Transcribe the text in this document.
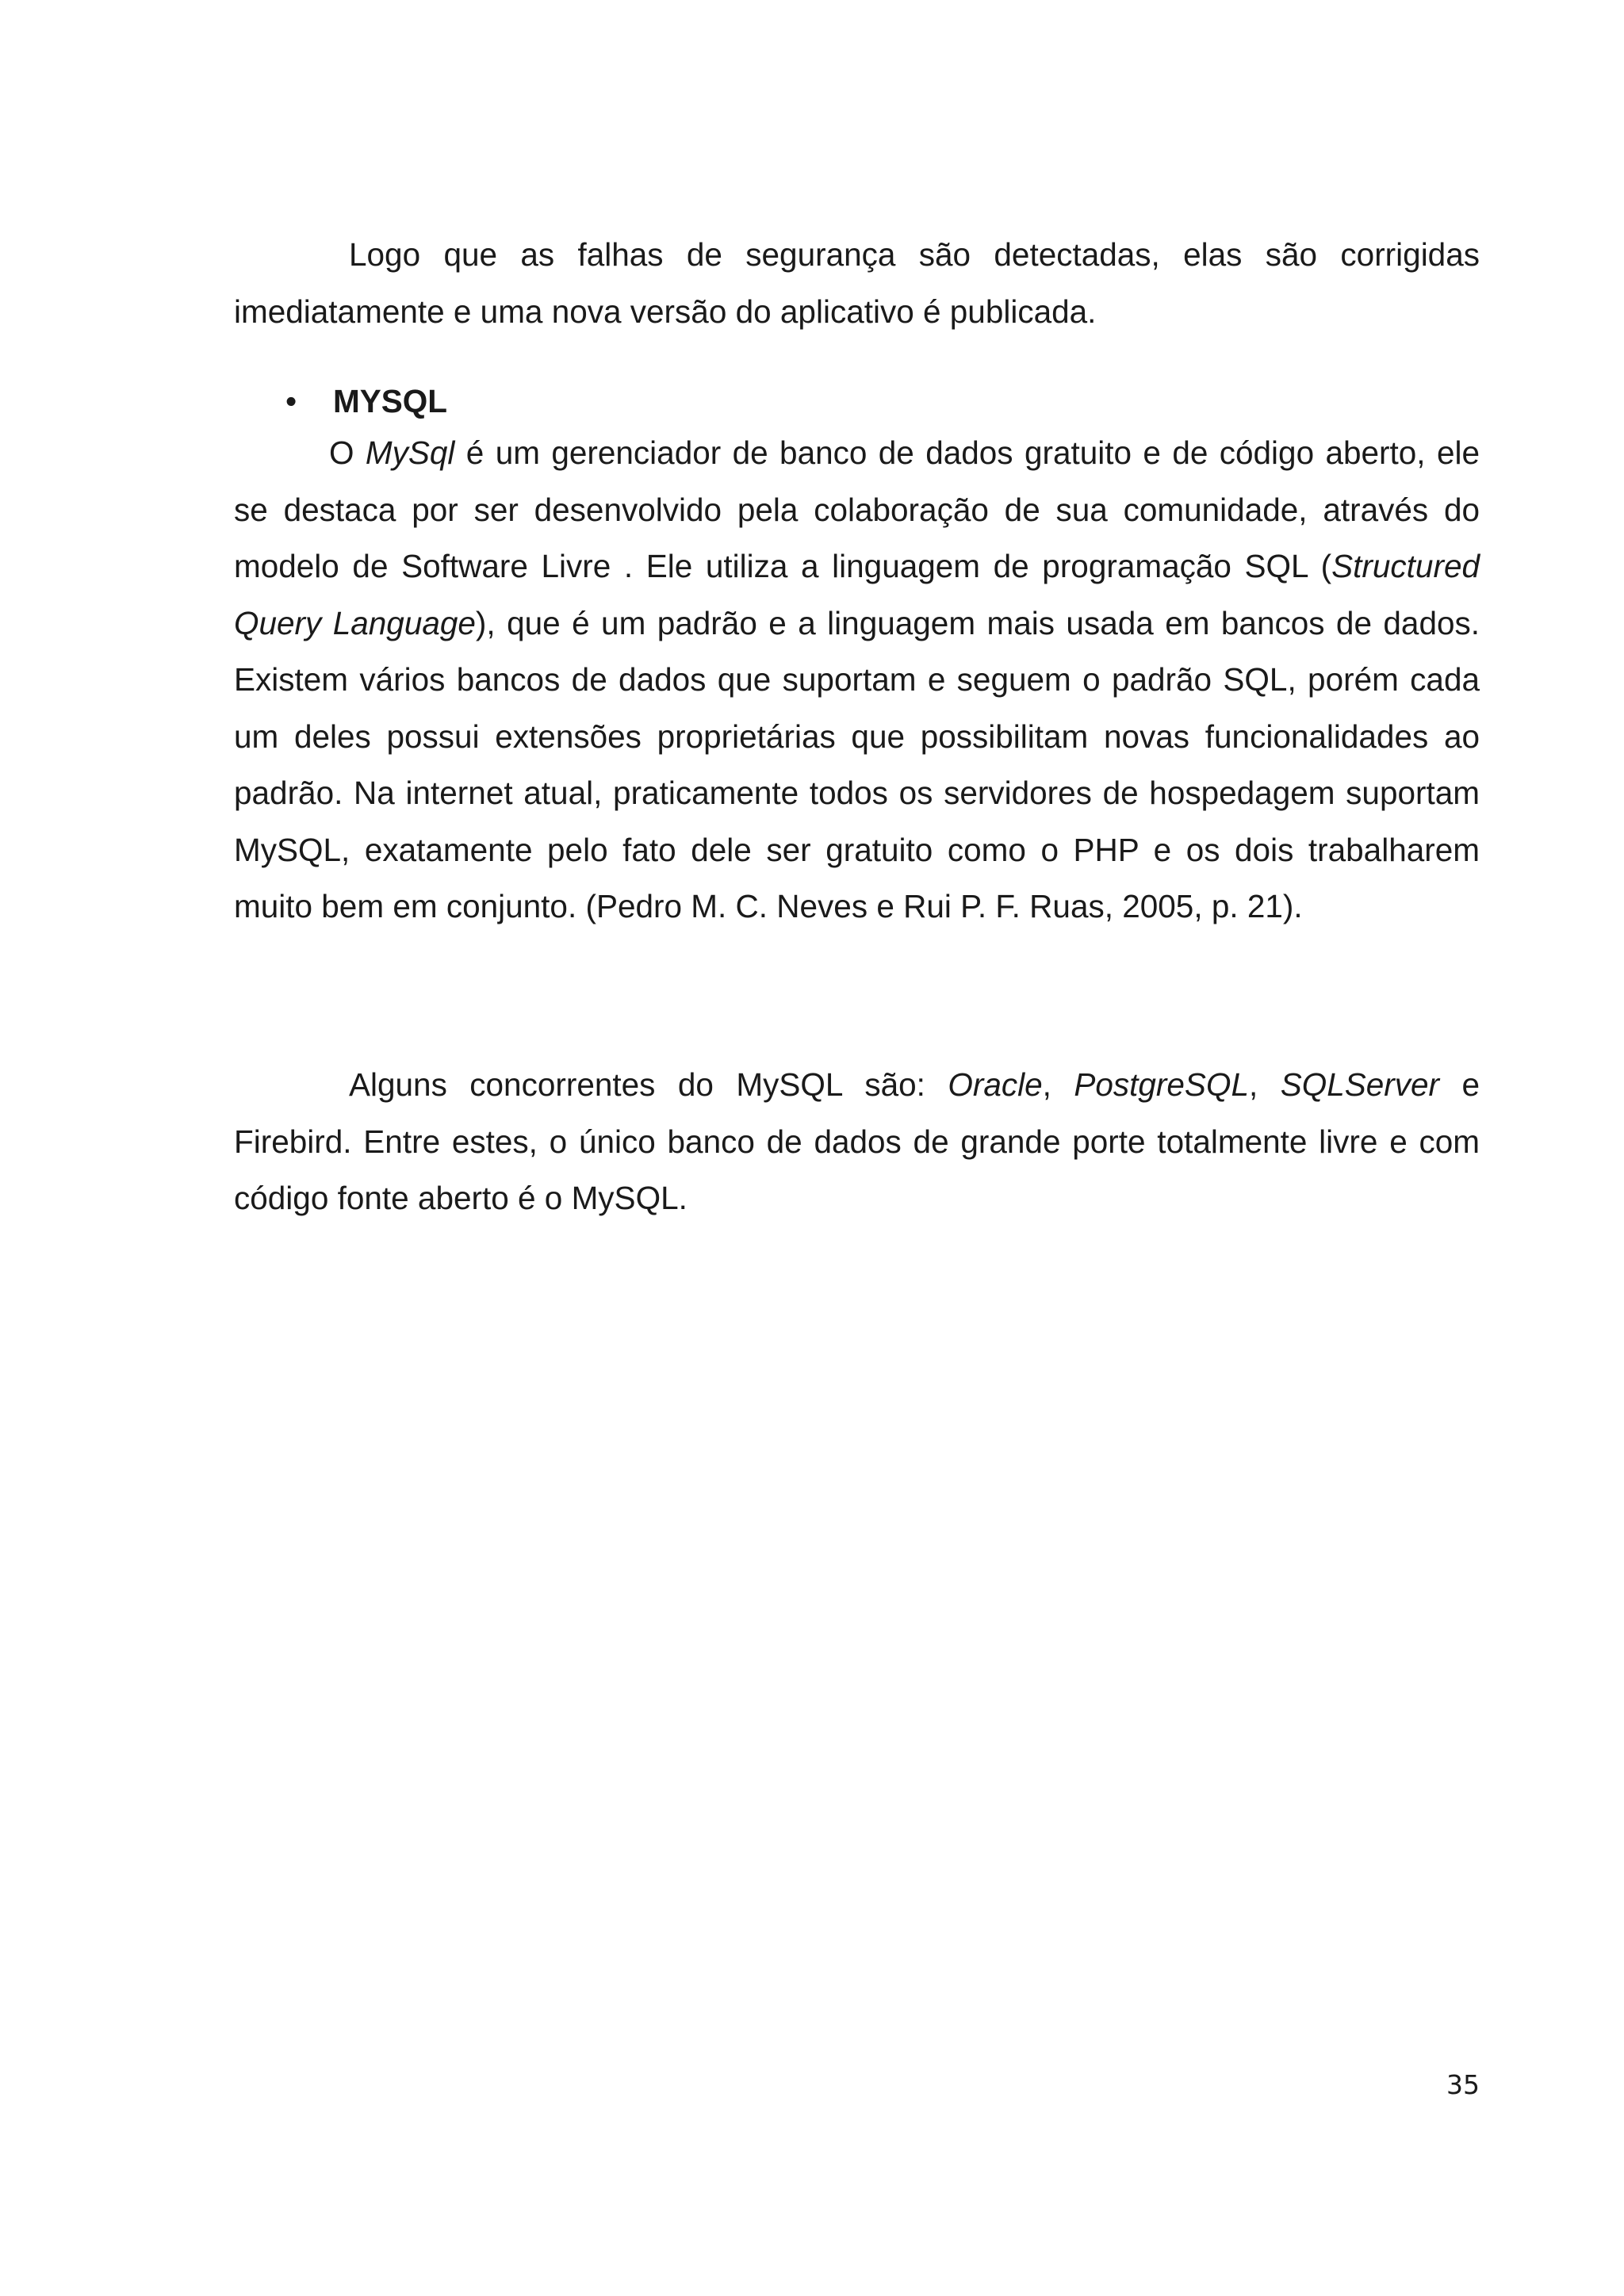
Logo que as falhas de segurança são detectadas, elas são corrigidas imediatamente e uma nova versão do aplicativo é publicada.

• MYSQL

O MySql é um gerenciador de banco de dados gratuito e de código aberto, ele se destaca por ser desenvolvido pela colaboração de sua comunidade, através do modelo de Software Livre . Ele utiliza a linguagem de programação SQL (Structured Query Language), que é um padrão e a linguagem mais usada em bancos de dados. Existem vários bancos de dados que suportam e seguem o padrão SQL, porém cada um deles possui extensões proprietárias que possibilitam novas funcionalidades ao padrão. Na internet atual, praticamente todos os servidores de hospedagem suportam MySQL, exatamente pelo fato dele ser gratuito como o PHP e os dois trabalharem muito bem em conjunto. (Pedro M. C. Neves e Rui P. F. Ruas, 2005, p. 21).

Alguns concorrentes do MySQL são: Oracle, PostgreSQL, SQLServer e Firebird. Entre estes, o único banco de dados de grande porte totalmente livre e com código fonte aberto é o MySQL.

35
